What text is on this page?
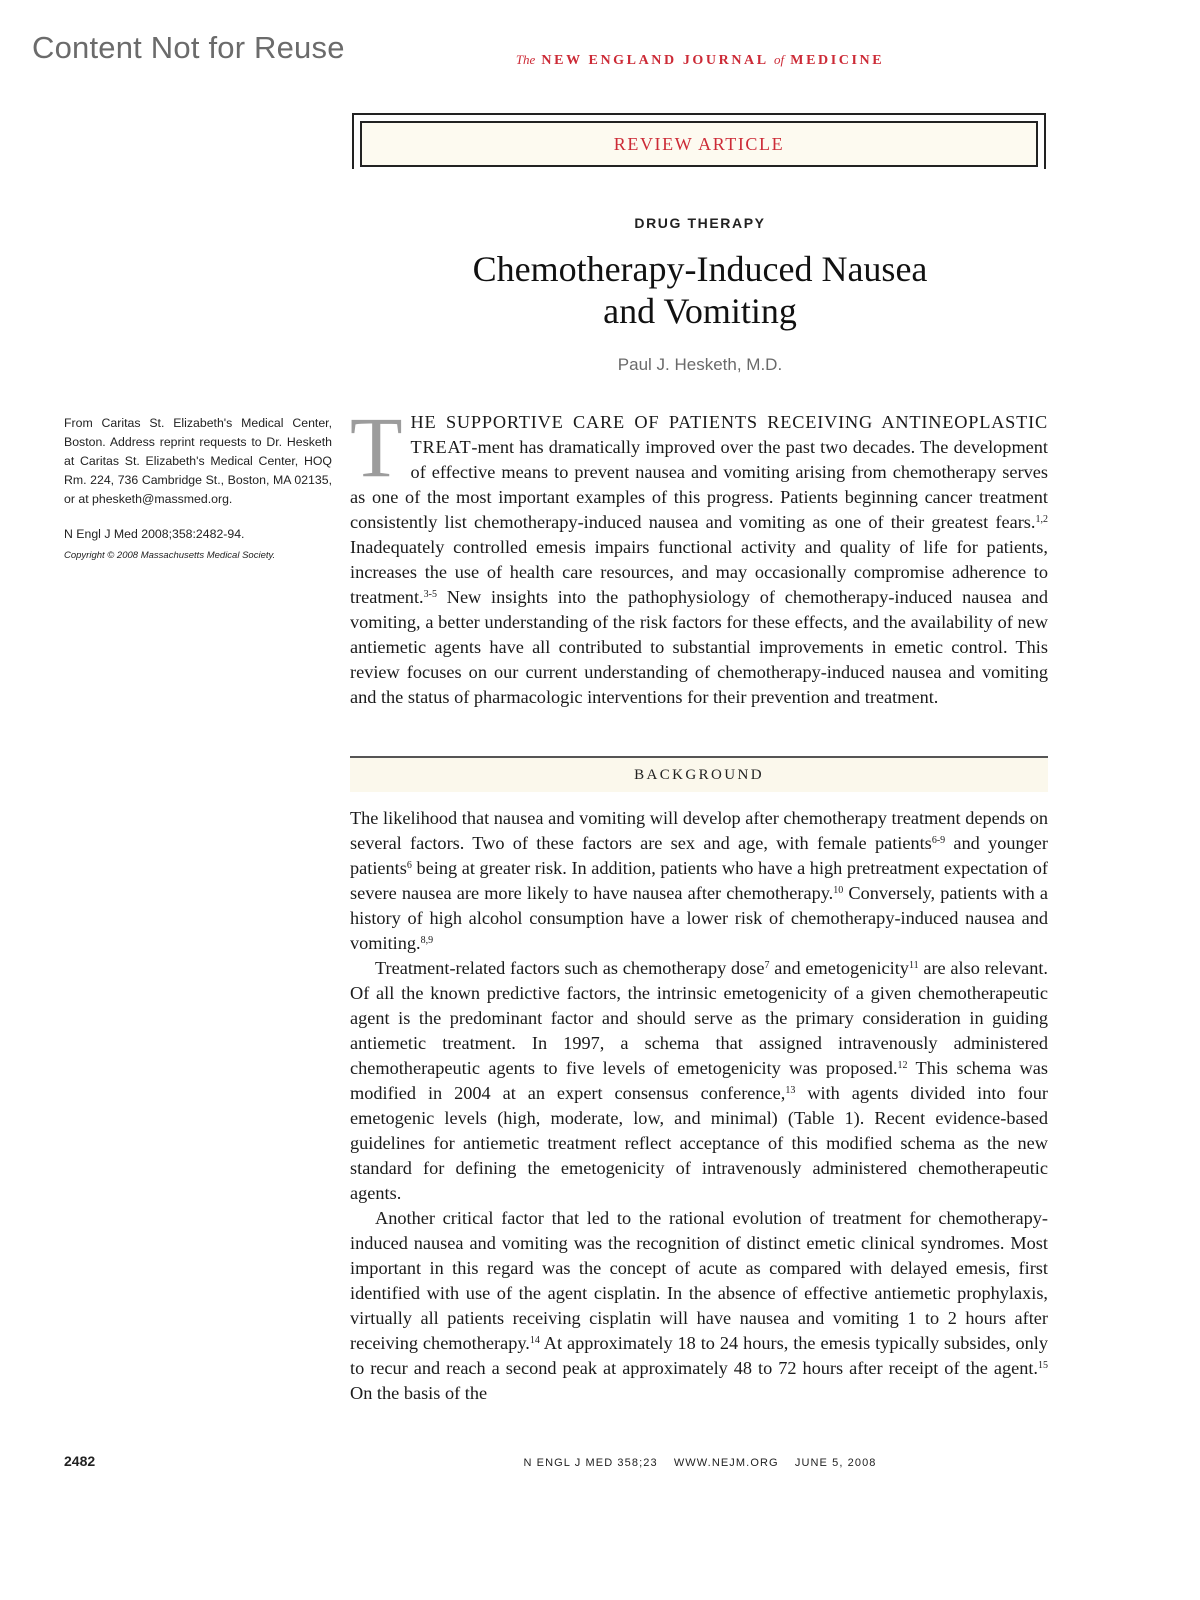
Content Not for Reuse	The NEW ENGLAND JOURNAL of MEDICINE
REVIEW ARTICLE
DRUG THERAPY
Chemotherapy-Induced Nausea
and Vomiting
Paul J. Hesketh, M.D.

From Caritas St. Elizabeth's Medical Center, Boston. Address reprint requests to Dr. Hesketh at Caritas St. Elizabeth's Medical Center, HOQ Rm. 224, 736 Cambridge St., Boston, MA 02135, or at phesketh@massmed.org.

N Engl J Med 2008;358:2482-94.

Copyright © 2008 Massachusetts Medical Society.

THE SUPPORTIVE CARE OF PATIENTS RECEIVING ANTINEOPLASTIC TREAT-ment has dramatically improved over the past two decades. The development of effective means to prevent nausea and vomiting arising from chemotherapy serves as one of the most important examples of this progress. Patients beginning cancer treatment consistently list chemotherapy-induced nausea and vomiting as one of their greatest fears.$^{1,2}$ Inadequately controlled emesis impairs functional activity and quality of life for patients, increases the use of health care resources, and may occasionally compromise adherence to treatment.$^{3-5}$ New insights into the pathophysiology of chemotherapy-induced nausea and vomiting, a better understanding of the risk factors for these effects, and the availability of new antiemetic agents have all contributed to substantial improvements in emetic control. This review focuses on our current understanding of chemotherapy-induced nausea and vomiting and the status of pharmacologic interventions for their prevention and treatment.

BACKGROUND

The likelihood that nausea and vomiting will develop after chemotherapy treatment depends on several factors. Two of these factors are sex and age, with female patients$^{6-9}$ and younger patients$^6$ being at greater risk. In addition, patients who have a high pretreatment expectation of severe nausea are more likely to have nausea after chemotherapy.$^{10}$ Conversely, patients with a history of high alcohol consumption have a lower risk of chemotherapy-induced nausea and vomiting.$^{8,9}$

Treatment-related factors such as chemotherapy dose$^7$ and emetogenicity$^{11}$ are also relevant. Of all the known predictive factors, the intrinsic emetogenicity of a given chemotherapeutic agent is the predominant factor and should serve as the primary consideration in guiding antiemetic treatment. In 1997, a schema that assigned intravenously administered chemotherapeutic agents to five levels of emetogenicity was proposed.$^{12}$ This schema was modified in 2004 at an expert consensus conference,$^{13}$ with agents divided into four emetogenic levels (high, moderate, low, and minimal) (Table 1). Recent evidence-based guidelines for antiemetic treatment reflect acceptance of this modified schema as the new standard for defining the emetogenicity of intravenously administered chemotherapeutic agents.

Another critical factor that led to the rational evolution of treatment for chemotherapy-induced nausea and vomiting was the recognition of distinct emetic clinical syndromes. Most important in this regard was the concept of acute as compared with delayed emesis, first identified with use of the agent cisplatin. In the absence of effective antiemetic prophylaxis, virtually all patients receiving cisplatin will have nausea and vomiting 1 to 2 hours after receiving chemotherapy.$^{14}$ At approximately 18 to 24 hours, the emesis typically subsides, only to recur and reach a second peak at approximately 48 to 72 hours after receipt of the agent.$^{15}$ On the basis of the

2482	N ENGL J MED 358;23 WWW.NEJM.ORG JUNE 5, 2008
